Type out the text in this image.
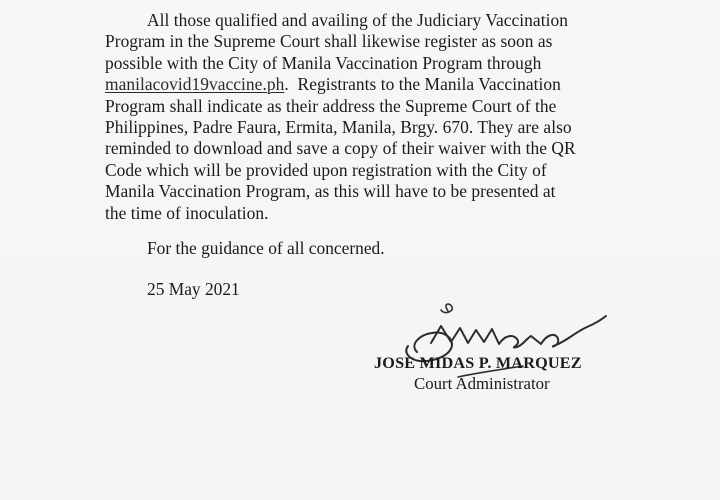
All those qualified and availing of the Judiciary Vaccination
Program in the Supreme Court shall likewise register as soon as
possible with the City of Manila Vaccination Program through
manilacovid19vaccine.ph. Registrants to the Manila Vaccination
Program shall indicate as their address the Supreme Court of the
Philippines, Padre Faura, Ermita, Manila, Brgy. 670. They are also
reminded to download and save a copy of their waiver with the QR
Code which will be provided upon registration with the City of
Manila Vaccination Program, as this will have to be presented at
the time of inoculation.
For the guidance of all concerned.
25 May 2021
JOSE MIDAS P. MARQUEZ
Court Administrator
